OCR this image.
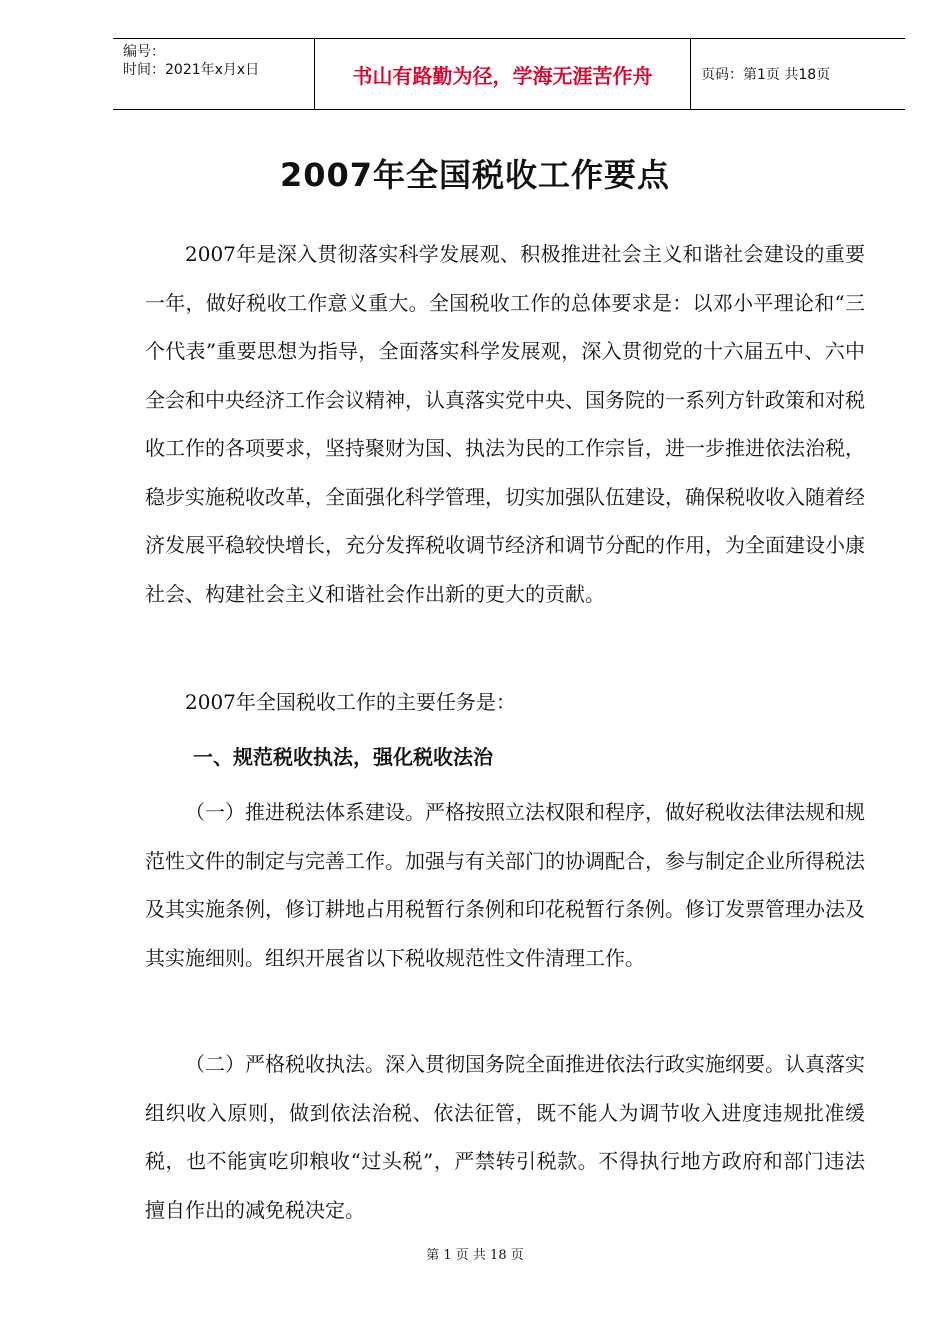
编号：
时间：2021年x月x日	书山有路勤为径，学海无涯苦作舟	页码：第1页 共18页
2007年全国税收工作要点

2007年是深入贯彻落实科学发展观、积极推进社会主义和谐社会建设的重要一年，做好税收工作意义重大。全国税收工作的总体要求是：以邓小平理论和“三个代表”重要思想为指导，全面落实科学发展观，深入贯彻党的十六届五中、六中全会和中央经济工作会议精神，认真落实党中央、国务院的一系列方针政策和对税收工作的各项要求，坚持聚财为国、执法为民的工作宗旨，进一步推进依法治税，稳步实施税收改革，全面强化科学管理，切实加强队伍建设，确保税收收入随着经济发展平稳较快增长，充分发挥税收调节经济和调节分配的作用，为全面建设小康社会、构建社会主义和谐社会作出新的更大的贡献。

2007年全国税收工作的主要任务是：

一、规范税收执法，强化税收法治

（一）推进税法体系建设。严格按照立法权限和程序，做好税收法律法规和规范性文件的制定与完善工作。加强与有关部门的协调配合，参与制定企业所得税法及其实施条例，修订耕地占用税暂行条例和印花税暂行条例。修订发票管理办法及其实施细则。组织开展省以下税收规范性文件清理工作。

（二）严格税收执法。深入贯彻国务院全面推进依法行政实施纲要。认真落实组织收入原则，做到依法治税、依法征管，既不能人为调节收入进度违规批准缓税，也不能寅吃卯粮收“过头税”，严禁转引税款。不得执行地方政府和部门违法擅自作出的减免税决定。

第 1 页 共 18 页
